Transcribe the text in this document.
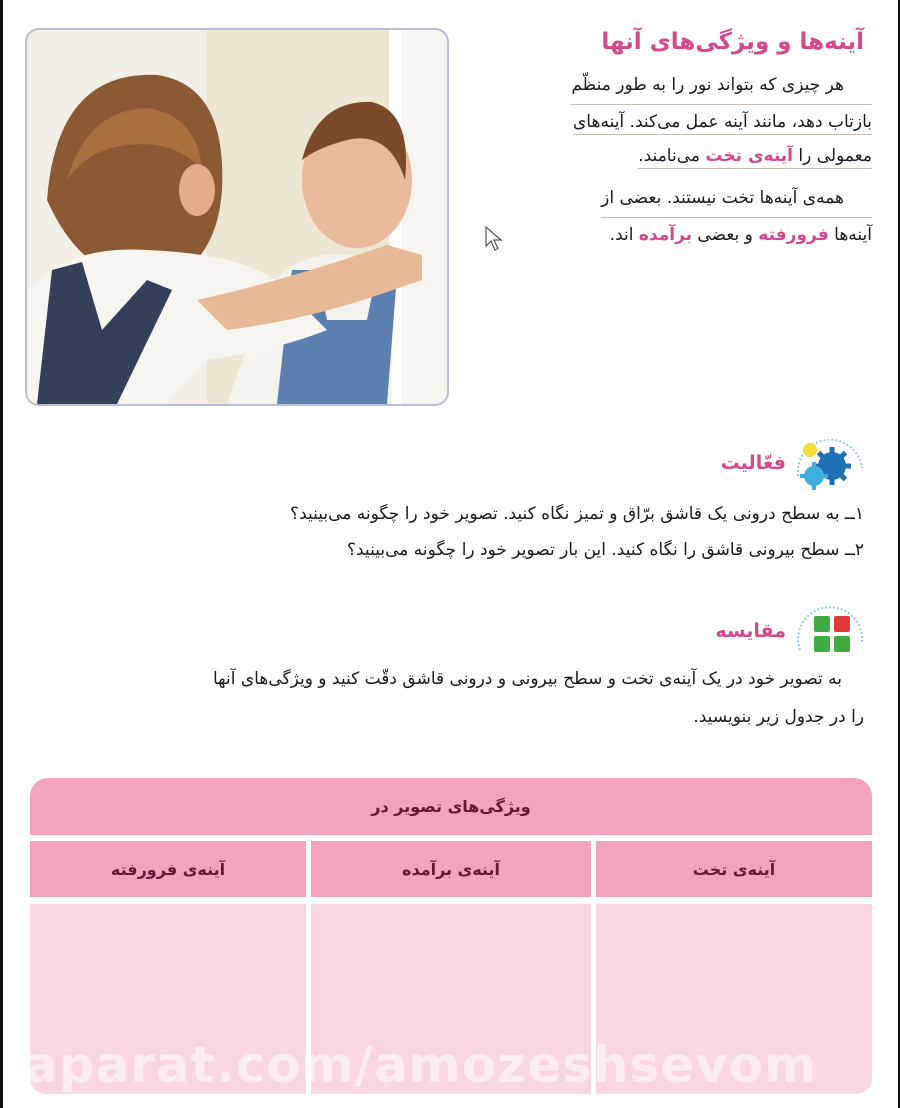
آینه‌ها و ویژگی‌های آنها

هر چیزی که بتواند نور را به طور منظّم
بازتاب دهد، مانند آینه عمل می‌کند. آینه‌های
معمولی را آینه‌ی تخت می‌نامند.

همه‌ی آینه‌ها تخت نیستند. بعضی از
آینه‌ها فرورفته و بعضی برآمده اند.

فعّالیت

۱ــ به سطح درونی یک قاشق برّاق و تمیز نگاه کنید. تصویر خود را چگونه می‌بینید؟

۲ــ سطح بیرونی قاشق را نگاه کنید. این بار تصویر خود را چگونه می‌بینید؟

مقایسه

به تصویر خود در یک آینه‌ی تخت و سطح بیرونی و درونی قاشق دقّت کنید و ویژگی‌های آنها

را در جدول زیر بنویسید.

ویژگی‌های تصویر در
آینه‌ی تخت
آینه‌ی برآمده
آینه‌ی فرورفته
aparat.com/amozeshsevom
